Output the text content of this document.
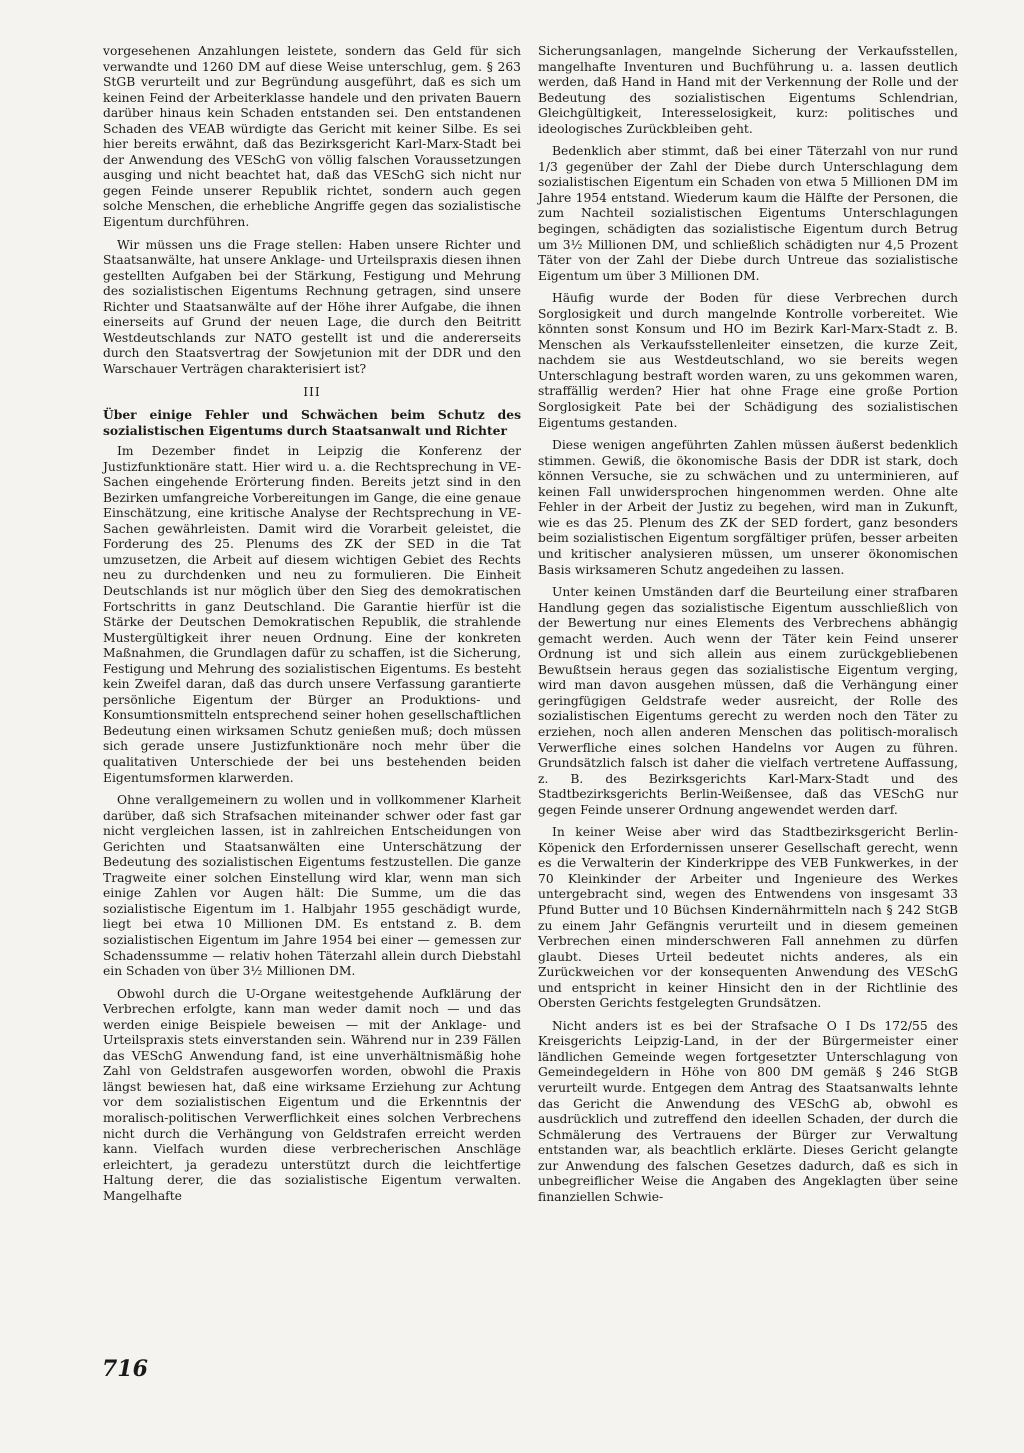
vorgesehenen Anzahlungen leistete, sondern das Geld für sich verwandte und 1260 DM auf diese Weise unterschlug, gem. § 263 StGB verurteilt und zur Begründung ausgeführt, daß es sich um keinen Feind der Arbeiterklasse handele und den privaten Bauern darüber hinaus kein Schaden entstanden sei. Den entstandenen Schaden des VEAB würdigte das Gericht mit keiner Silbe. Es sei hier bereits erwähnt, daß das Bezirksgericht Karl-Marx-Stadt bei der Anwendung des VESchG von völlig falschen Voraussetzungen ausging und nicht beachtet hat, daß das VESchG sich nicht nur gegen Feinde unserer Republik richtet, sondern auch gegen solche Menschen, die erhebliche Angriffe gegen das sozialistische Eigentum durchführen.

Wir müssen uns die Frage stellen: Haben unsere Richter und Staatsanwälte, hat unsere Anklage- und Urteilspraxis diesen ihnen gestellten Aufgaben bei der Stärkung, Festigung und Mehrung des sozialistischen Eigentums Rechnung getragen, sind unsere Richter und Staatsanwälte auf der Höhe ihrer Aufgabe, die ihnen einerseits auf Grund der neuen Lage, die durch den Beitritt Westdeutschlands zur NATO gestellt ist und die andererseits durch den Staatsvertrag der Sowjetunion mit der DDR und den Warschauer Verträgen charakterisiert ist?

III
Über einige Fehler und Schwächen beim Schutz des sozialistischen Eigentums durch Staatsanwalt und Richter

Im Dezember findet in Leipzig die Konferenz der Justizfunktionäre statt. Hier wird u. a. die Rechtsprechung in VE-Sachen eingehende Erörterung finden. Bereits jetzt sind in den Bezirken umfangreiche Vorbereitungen im Gange, die eine genaue Einschätzung, eine kritische Analyse der Rechtsprechung in VE-Sachen gewährleisten. Damit wird die Vorarbeit geleistet, die Forderung des 25. Plenums des ZK der SED in die Tat umzusetzen, die Arbeit auf diesem wichtigen Gebiet des Rechts neu zu durchdenken und neu zu formulieren. Die Einheit Deutschlands ist nur möglich über den Sieg des demokratischen Fortschritts in ganz Deutschland. Die Garantie hierfür ist die Stärke der Deutschen Demokratischen Republik, die strahlende Mustergültigkeit ihrer neuen Ordnung. Eine der konkreten Maßnahmen, die Grundlagen dafür zu schaffen, ist die Sicherung, Festigung und Mehrung des sozialistischen Eigentums. Es besteht kein Zweifel daran, daß das durch unsere Verfassung garantierte persönliche Eigentum der Bürger an Produktions- und Konsumtionsmitteln entsprechend seiner hohen gesellschaftlichen Bedeutung einen wirksamen Schutz genießen muß; doch müssen sich gerade unsere Justizfunktionäre noch mehr über die qualitativen Unterschiede der bei uns bestehenden beiden Eigentumsformen klarwerden.

Ohne verallgemeinern zu wollen und in vollkommener Klarheit darüber, daß sich Strafsachen miteinander schwer oder fast gar nicht vergleichen lassen, ist in zahlreichen Entscheidungen von Gerichten und Staatsanwälten eine Unterschätzung der Bedeutung des sozialistischen Eigentums festzustellen. Die ganze Tragweite einer solchen Einstellung wird klar, wenn man sich einige Zahlen vor Augen hält: Die Summe, um die das sozialistische Eigentum im 1. Halbjahr 1955 geschädigt wurde, liegt bei etwa 10 Millionen DM. Es entstand z. B. dem sozialistischen Eigentum im Jahre 1954 bei einer — gemessen zur Schadenssumme — relativ hohen Täterzahl allein durch Diebstahl ein Schaden von über 3½ Millionen DM.

Obwohl durch die U-Organe weitestgehende Aufklärung der Verbrechen erfolgte, kann man weder damit noch — und das werden einige Beispiele beweisen — mit der Anklage- und Urteilspraxis stets einverstanden sein. Während nur in 239 Fällen das VESchG Anwendung fand, ist eine unverhältnismäßig hohe Zahl von Geldstrafen ausgeworfen worden, obwohl die Praxis längst bewiesen hat, daß eine wirksame Erziehung zur Achtung vor dem sozialistischen Eigentum und die Erkenntnis der moralisch-politischen Verwerflichkeit eines solchen Verbrechens nicht durch die Verhängung von Geldstrafen erreicht werden kann. Vielfach wurden diese verbrecherischen Anschläge erleichtert, ja geradezu unterstützt durch die leichtfertige Haltung derer, die das sozialistische Eigentum verwalten. Mangelhafte

Sicherungsanlagen, mangelnde Sicherung der Verkaufsstellen, mangelhafte Inventuren und Buchführung u. a. lassen deutlich werden, daß Hand in Hand mit der Verkennung der Rolle und der Bedeutung des sozialistischen Eigentums Schlendrian, Gleichgültigkeit, Interesselosigkeit, kurz: politisches und ideologisches Zurückbleiben geht.

Bedenklich aber stimmt, daß bei einer Täterzahl von nur rund 1/3 gegenüber der Zahl der Diebe durch Unterschlagung dem sozialistischen Eigentum ein Schaden von etwa 5 Millionen DM im Jahre 1954 entstand. Wiederum kaum die Hälfte der Personen, die zum Nachteil sozialistischen Eigentums Unterschlagungen begingen, schädigten das sozialistische Eigentum durch Betrug um 3½ Millionen DM, und schließlich schädigten nur 4,5 Prozent Täter von der Zahl der Diebe durch Untreue das sozialistische Eigentum um über 3 Millionen DM.

Häufig wurde der Boden für diese Verbrechen durch Sorglosigkeit und durch mangelnde Kontrolle vorbereitet. Wie könnten sonst Konsum und HO im Bezirk Karl-Marx-Stadt z. B. Menschen als Verkaufsstellenleiter einsetzen, die kurze Zeit, nachdem sie aus Westdeutschland, wo sie bereits wegen Unterschlagung bestraft worden waren, zu uns gekommen waren, straffällig werden? Hier hat ohne Frage eine große Portion Sorglosigkeit Pate bei der Schädigung des sozialistischen Eigentums gestanden.

Diese wenigen angeführten Zahlen müssen äußerst bedenklich stimmen. Gewiß, die ökonomische Basis der DDR ist stark, doch können Versuche, sie zu schwächen und zu unterminieren, auf keinen Fall unwidersprochen hingenommen werden. Ohne alte Fehler in der Arbeit der Justiz zu begehen, wird man in Zukunft, wie es das 25. Plenum des ZK der SED fordert, ganz besonders beim sozialistischen Eigentum sorgfältiger prüfen, besser arbeiten und kritischer analysieren müssen, um unserer ökonomischen Basis wirksameren Schutz angedeihen zu lassen.

Unter keinen Umständen darf die Beurteilung einer strafbaren Handlung gegen das sozialistische Eigentum ausschließlich von der Bewertung nur eines Elements des Verbrechens abhängig gemacht werden. Auch wenn der Täter kein Feind unserer Ordnung ist und sich allein aus einem zurückgebliebenen Bewußtsein heraus gegen das sozialistische Eigentum verging, wird man davon ausgehen müssen, daß die Verhängung einer geringfügigen Geldstrafe weder ausreicht, der Rolle des sozialistischen Eigentums gerecht zu werden noch den Täter zu erziehen, noch allen anderen Menschen das politisch-moralisch Verwerfliche eines solchen Handelns vor Augen zu führen. Grundsätzlich falsch ist daher die vielfach vertretene Auffassung, z. B. des Bezirksgerichts Karl-Marx-Stadt und des Stadtbezirksgerichts Berlin-Weißensee, daß das VESchG nur gegen Feinde unserer Ordnung angewendet werden darf.

In keiner Weise aber wird das Stadtbezirksgericht Berlin-Köpenick den Erfordernissen unserer Gesellschaft gerecht, wenn es die Verwalterin der Kinderkrippe des VEB Funkwerkes, in der 70 Kleinkinder der Arbeiter und Ingenieure des Werkes untergebracht sind, wegen des Entwendens von insgesamt 33 Pfund Butter und 10 Büchsen Kindernährmitteln nach § 242 StGB zu einem Jahr Gefängnis verurteilt und in diesem gemeinen Verbrechen einen minderschweren Fall annehmen zu dürfen glaubt. Dieses Urteil bedeutet nichts anderes, als ein Zurückweichen vor der konsequenten Anwendung des VESchG und entspricht in keiner Hinsicht den in der Richtlinie des Obersten Gerichts festgelegten Grundsätzen.

Nicht anders ist es bei der Strafsache O I Ds 172/55 des Kreisgerichts Leipzig-Land, in der der Bürgermeister einer ländlichen Gemeinde wegen fortgesetzter Unterschlagung von Gemeindegeldern in Höhe von 800 DM gemäß § 246 StGB verurteilt wurde. Entgegen dem Antrag des Staatsanwalts lehnte das Gericht die Anwendung des VESchG ab, obwohl es ausdrücklich und zutreffend den ideellen Schaden, der durch die Schmälerung des Vertrauens der Bürger zur Verwaltung entstanden war, als beachtlich erklärte. Dieses Gericht gelangte zur Anwendung des falschen Gesetzes dadurch, daß es sich in unbegreiflicher Weise die Angaben des Angeklagten über seine finanziellen Schwie-

716
